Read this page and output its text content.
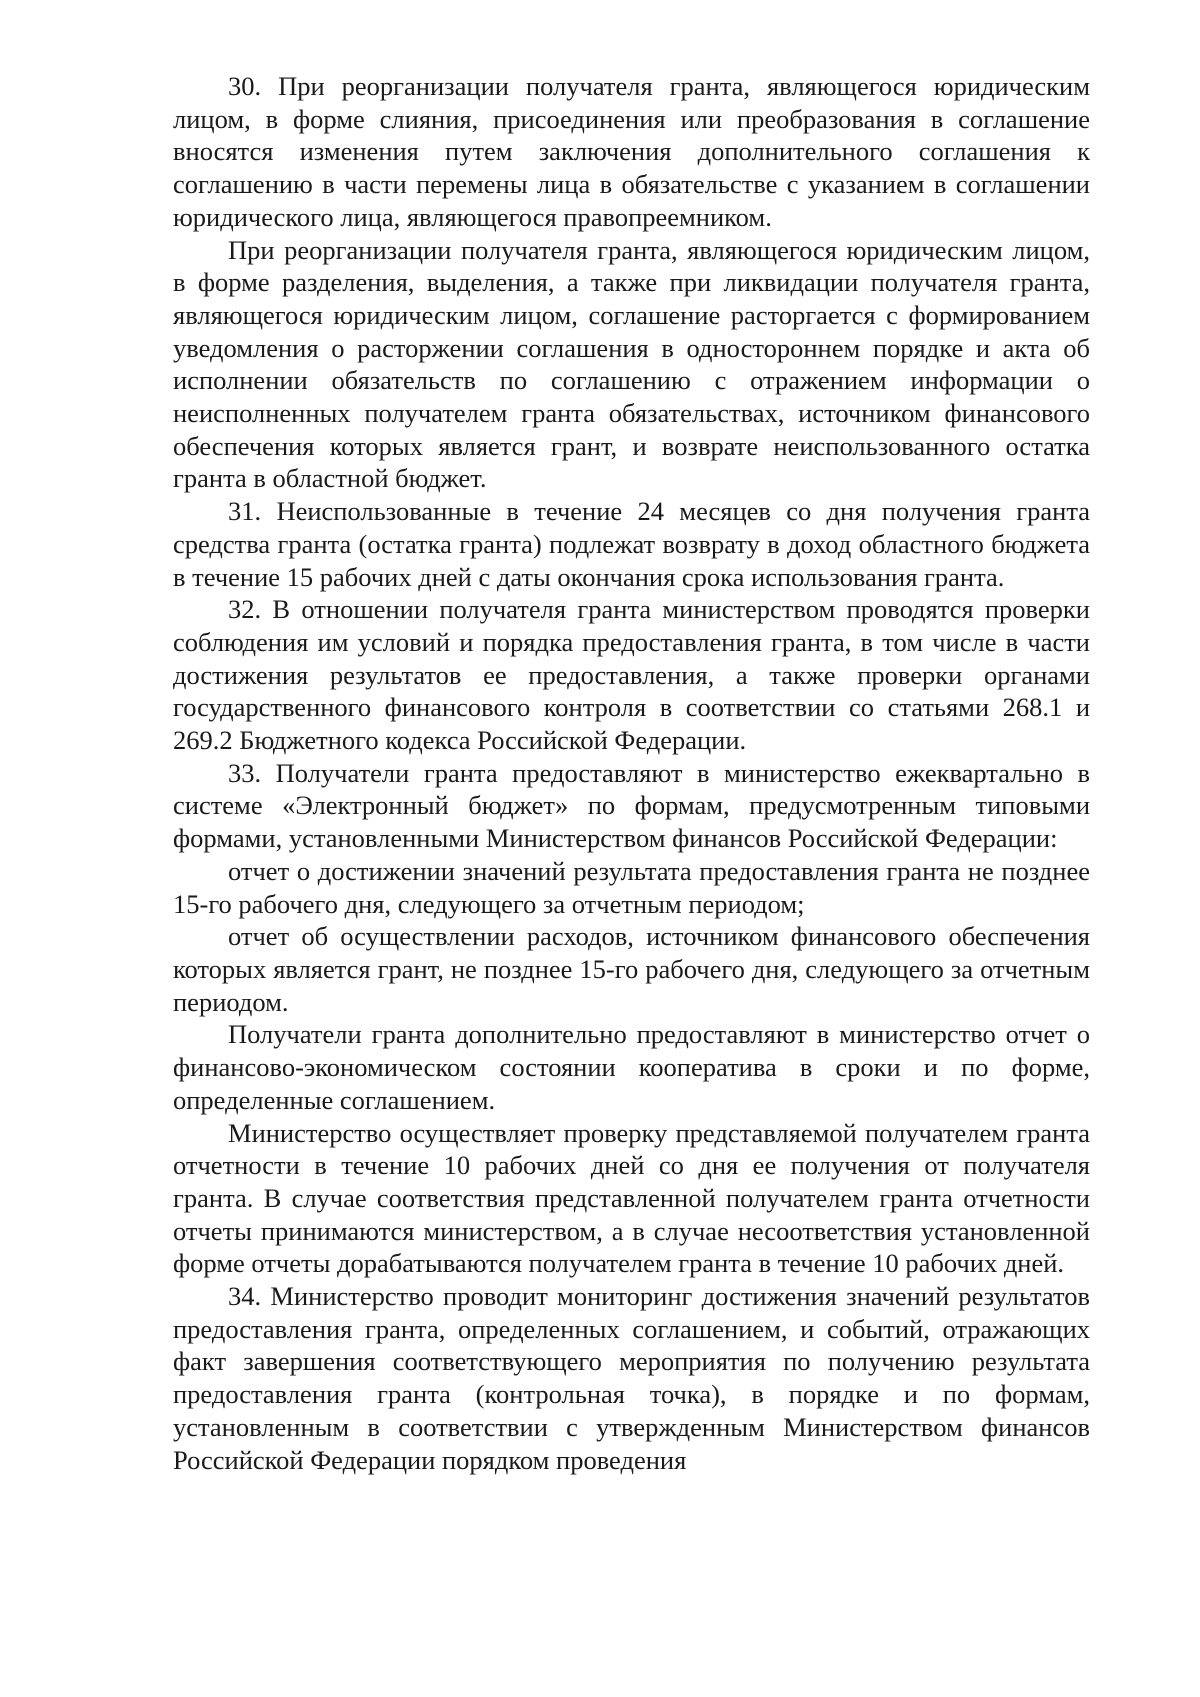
30. При реорганизации получателя гранта, являющегося юридическим лицом, в форме слияния, присоединения или преобразования в соглашение вносятся изменения путем заключения дополнительного соглашения к соглашению в части перемены лица в обязательстве с указанием в соглашении юридического лица, являющегося правопреемником.

При реорганизации получателя гранта, являющегося юридическим лицом, в форме разделения, выделения, а также при ликвидации получателя гранта, являющегося юридическим лицом, соглашение расторгается с формированием уведомления о расторжении соглашения в одностороннем порядке и акта об исполнении обязательств по соглашению с отражением информации о неисполненных получателем гранта обязательствах, источником финансового обеспечения которых является грант, и возврате неиспользованного остатка гранта в областной бюджет.

31. Неиспользованные в течение 24 месяцев со дня получения гранта средства гранта (остатка гранта) подлежат возврату в доход областного бюджета в течение 15 рабочих дней с даты окончания срока использования гранта.

32. В отношении получателя гранта министерством проводятся проверки соблюдения им условий и порядка предоставления гранта, в том числе в части достижения результатов ее предоставления, а также проверки органами государственного финансового контроля в соответствии со статьями 268.1 и 269.2 Бюджетного кодекса Российской Федерации.

33. Получатели гранта предоставляют в министерство ежеквартально в системе «Электронный бюджет» по формам, предусмотренным типовыми формами, установленными Министерством финансов Российской Федерации:

отчет о достижении значений результата предоставления гранта не позднее 15-го рабочего дня, следующего за отчетным периодом;

отчет об осуществлении расходов, источником финансового обеспечения которых является грант, не позднее 15-го рабочего дня, следующего за отчетным периодом.

Получатели гранта дополнительно предоставляют в министерство отчет о финансово-экономическом состоянии кооператива в сроки и по форме, определенные соглашением.

Министерство осуществляет проверку представляемой получателем гранта отчетности в течение 10 рабочих дней со дня ее получения от получателя гранта. В случае соответствия представленной получателем гранта отчетности отчеты принимаются министерством, а в случае несоответствия установленной форме отчеты дорабатываются получателем гранта в течение 10 рабочих дней.

34. Министерство проводит мониторинг достижения значений результатов предоставления гранта, определенных соглашением, и событий, отражающих факт завершения соответствующего мероприятия по получению результата предоставления гранта (контрольная точка), в порядке и по формам, установленным в соответствии с утвержденным Министерством финансов Российской Федерации порядком проведения
